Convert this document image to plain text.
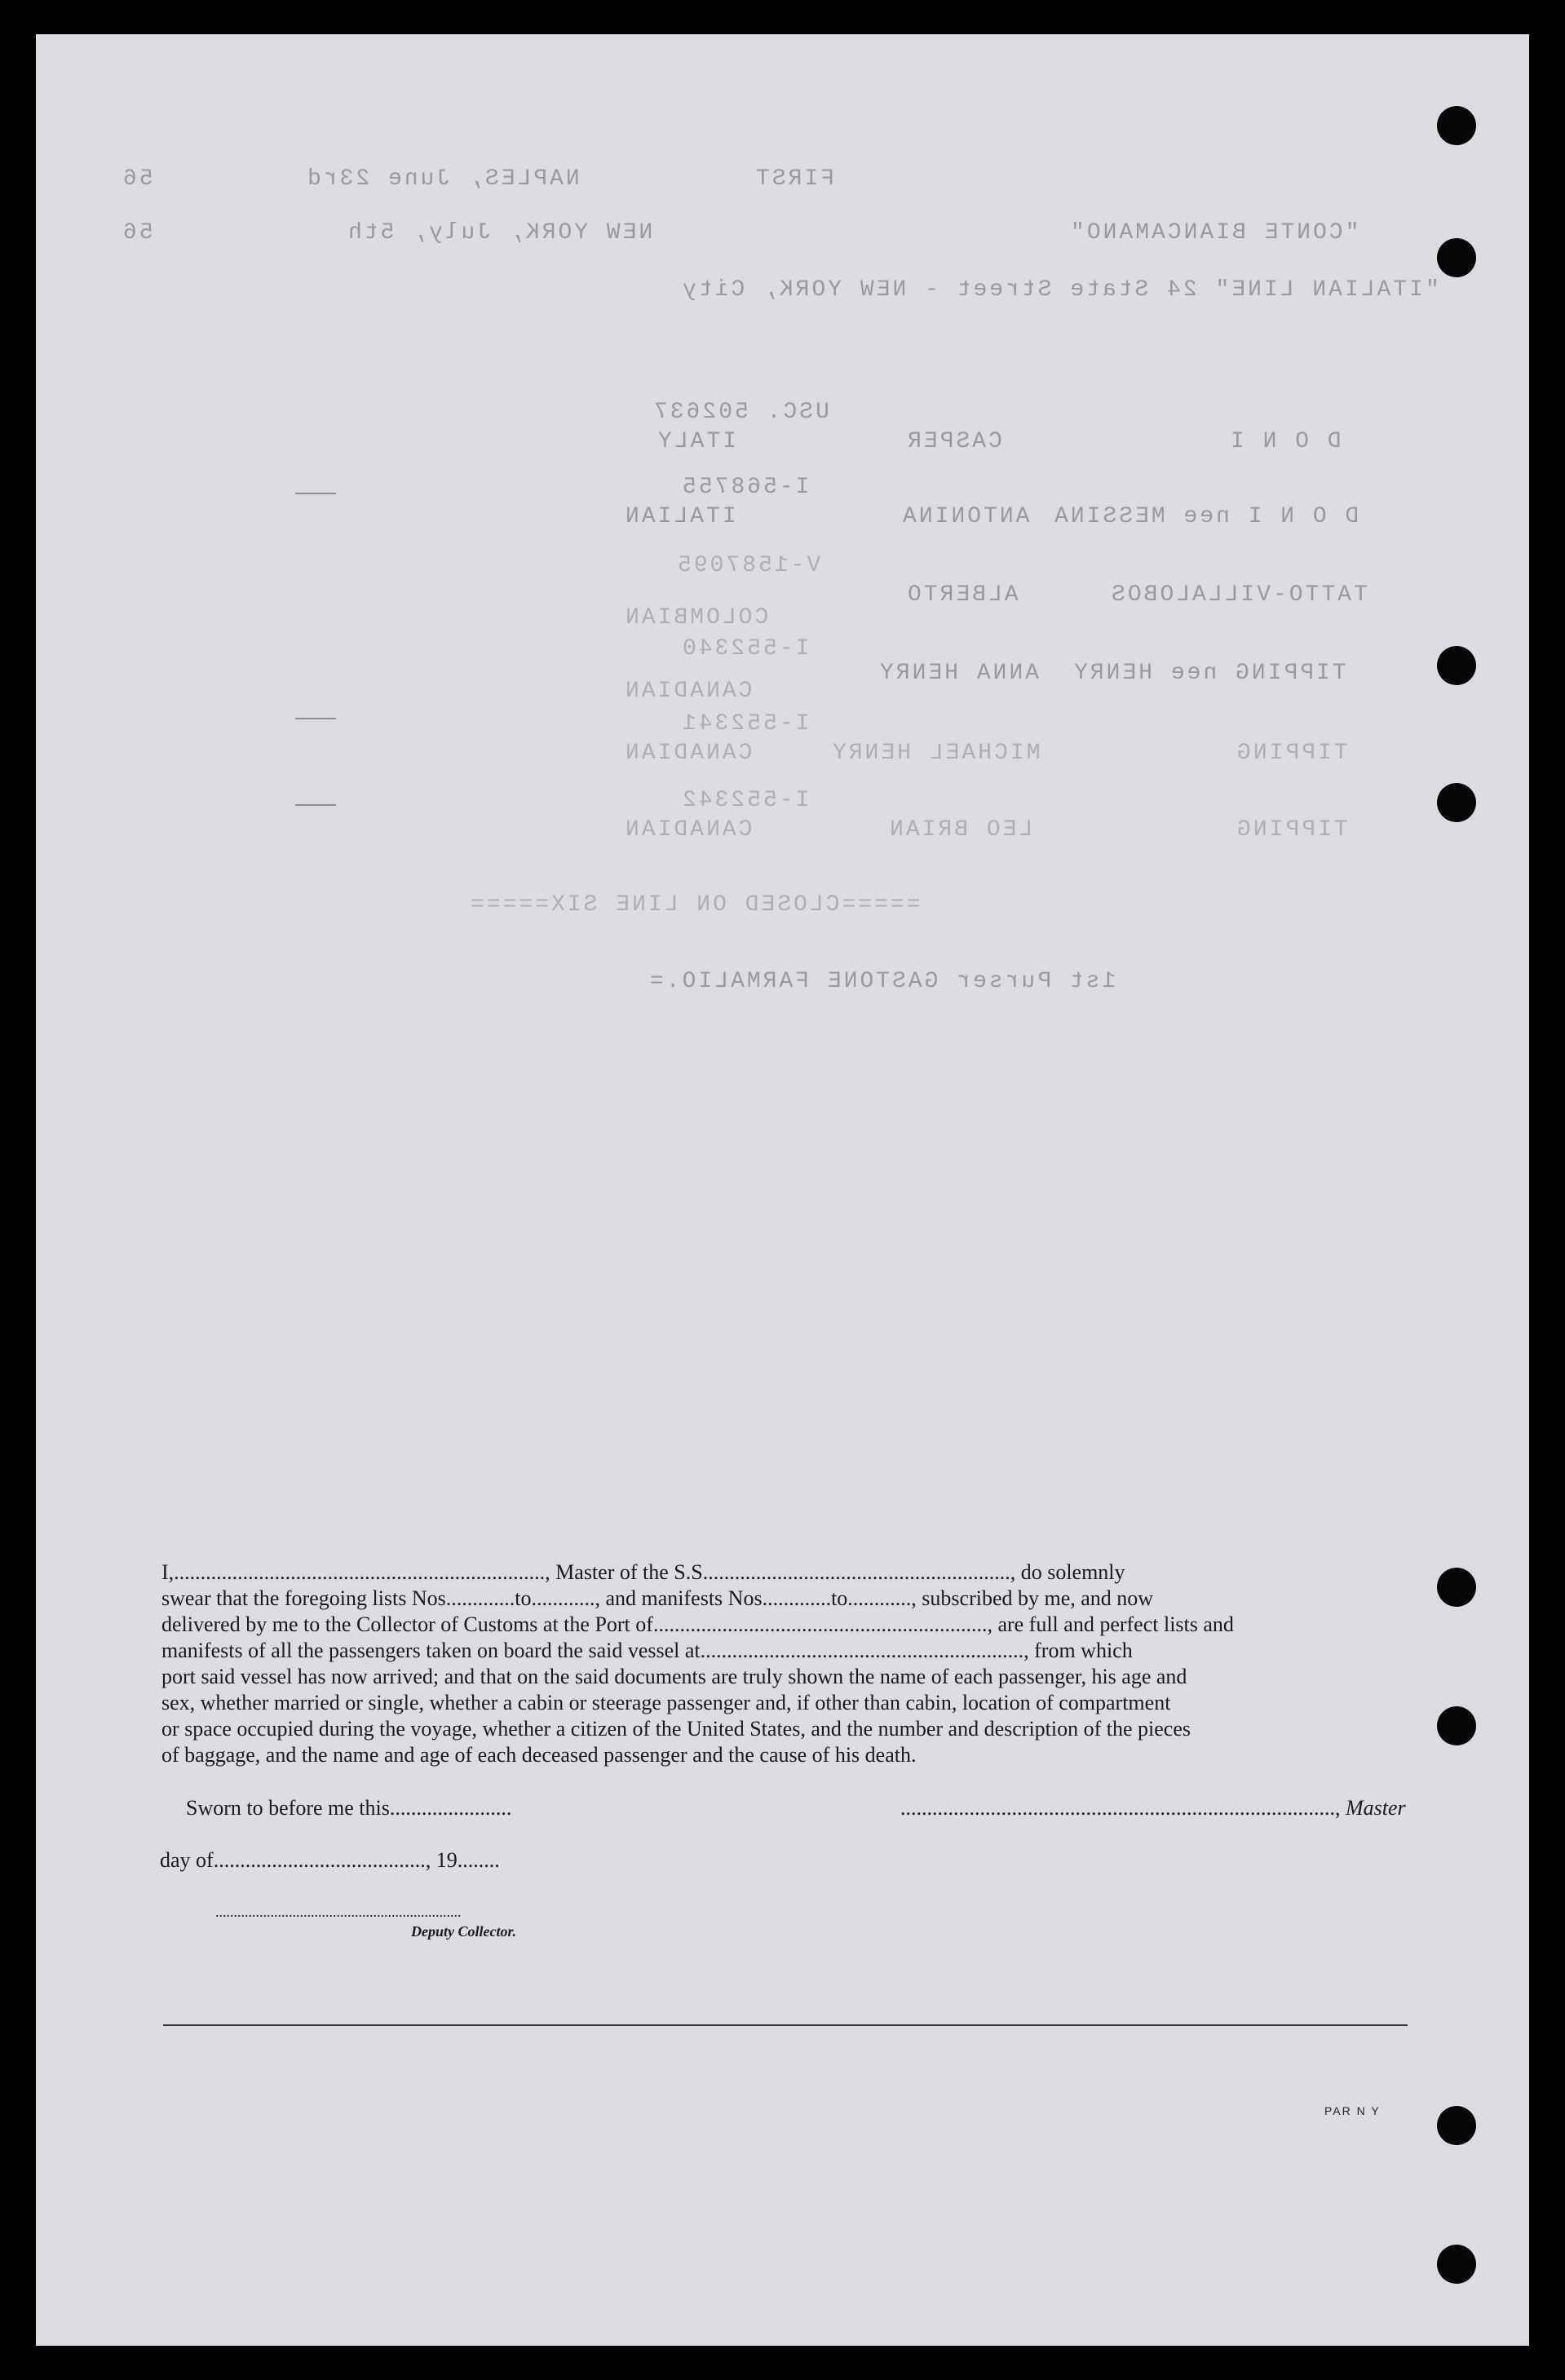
FIRST
NAPLES, June 23rd
56
"CONTE BIANCAMANO"
NEW YORK, July, 5th
56
"ITALIAN LINE" 24 State Street - NEW YORK, City
USC. 502637
D O N I
CASPER
ITALY
I-568755
D O N I nee MESSINA
ANTONINA
ITALIAN
V-1587095
TATTO-VILLALOBOS
ALBERTO
COLOMBIAN
I-552340
TIPPING nee HENRY
ANNA HENRY
CANADIAN
I-552341
TIPPING
MICHAEL HENRY
CANADIAN
I-552342
TIPPING
LEO BRIAN
CANADIAN
=====CLOSED ON LINE SIX=====
1st Purser GASTONE FARMALIO.=

I,......................................................................, Master of the S.S.........................................................., do solemnly

swear that the foregoing lists Nos.............to............, and manifests Nos.............to............, subscribed by me, and now

delivered by me to the Collector of Customs at the Port of..............................................................., are full and perfect lists and

manifests of all the passengers taken on board the said vessel at............................................................., from which

port said vessel has now arrived; and that on the said documents are truly shown the name of each passenger, his age and

sex, whether married or single, whether a cabin or steerage passenger and, if other than cabin, location of compartment

or space occupied during the voyage, whether a citizen of the United States, and the number and description of the pieces

of baggage, and the name and age of each deceased passenger and the cause of his death.

Sworn to before me this.......................	.................................................................................., Master
day of........................................, 19........
...................................................................
Deputy Collector.
PAR N Y
